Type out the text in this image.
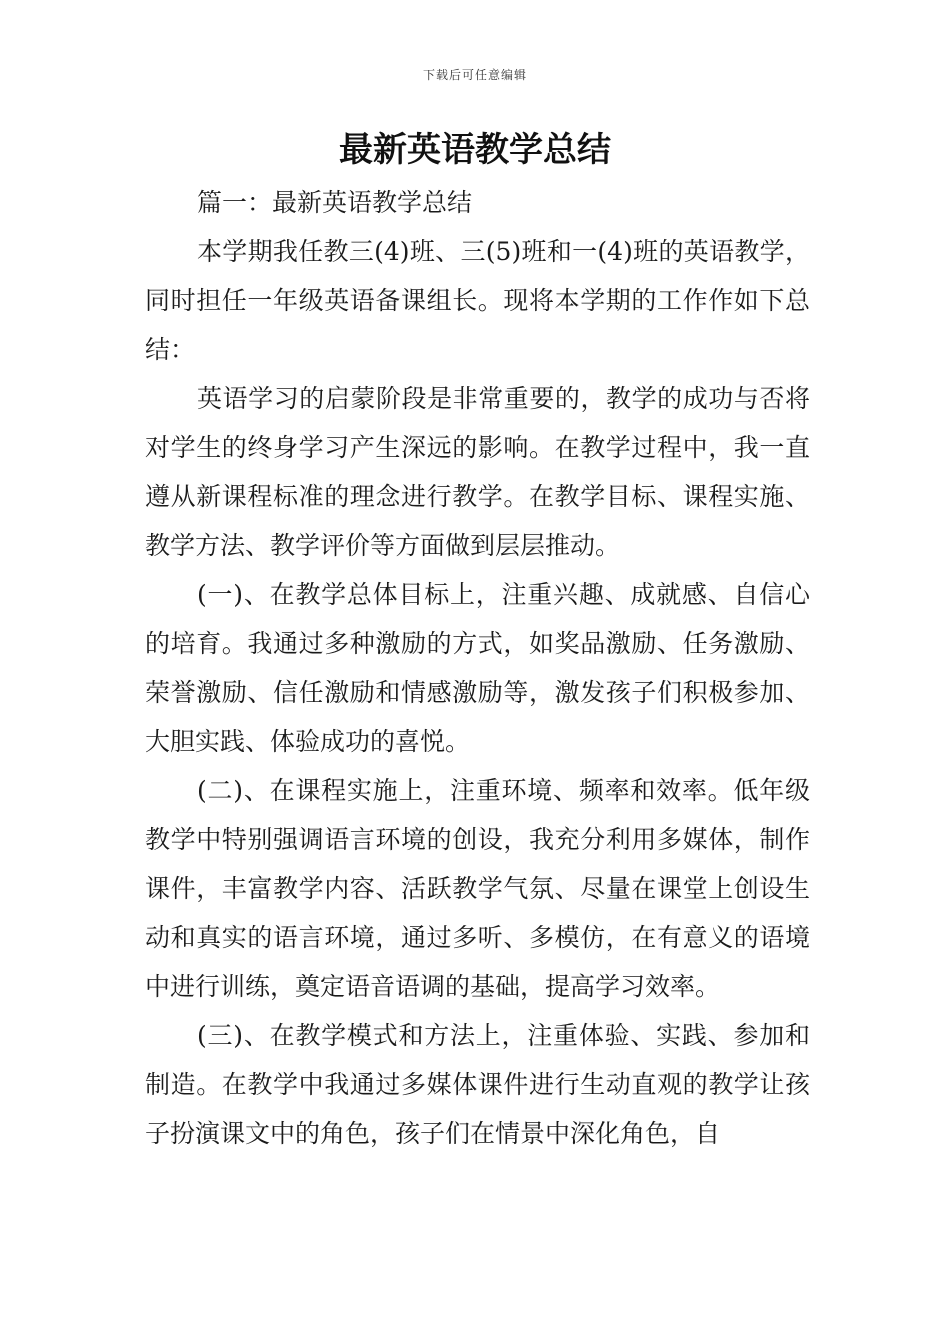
下载后可任意编辑
最新英语教学总结

篇一：最新英语教学总结

本学期我任教三(4)班、三(5)班和一(4)班的英语教学，同时担任一年级英语备课组长。现将本学期的工作作如下总结：

英语学习的启蒙阶段是非常重要的，教学的成功与否将对学生的终身学习产生深远的影响。在教学过程中，我一直遵从新课程标准的理念进行教学。在教学目标、课程实施、教学方法、教学评价等方面做到层层推动。

(一)、在教学总体目标上，注重兴趣、成就感、自信心的培育。我通过多种激励的方式，如奖品激励、任务激励、荣誉激励、信任激励和情感激励等，激发孩子们积极参加、大胆实践、体验成功的喜悦。

(二)、在课程实施上，注重环境、频率和效率。低年级教学中特别强调语言环境的创设，我充分利用多媒体，制作课件，丰富教学内容、活跃教学气氛、尽量在课堂上创设生动和真实的语言环境，通过多听、多模仿，在有意义的语境中进行训练，奠定语音语调的基础，提高学习效率。

(三)、在教学模式和方法上，注重体验、实践、参加和制造。在教学中我通过多媒体课件进行生动直观的教学让孩子扮演课文中的角色，孩子们在情景中深化角色，自
